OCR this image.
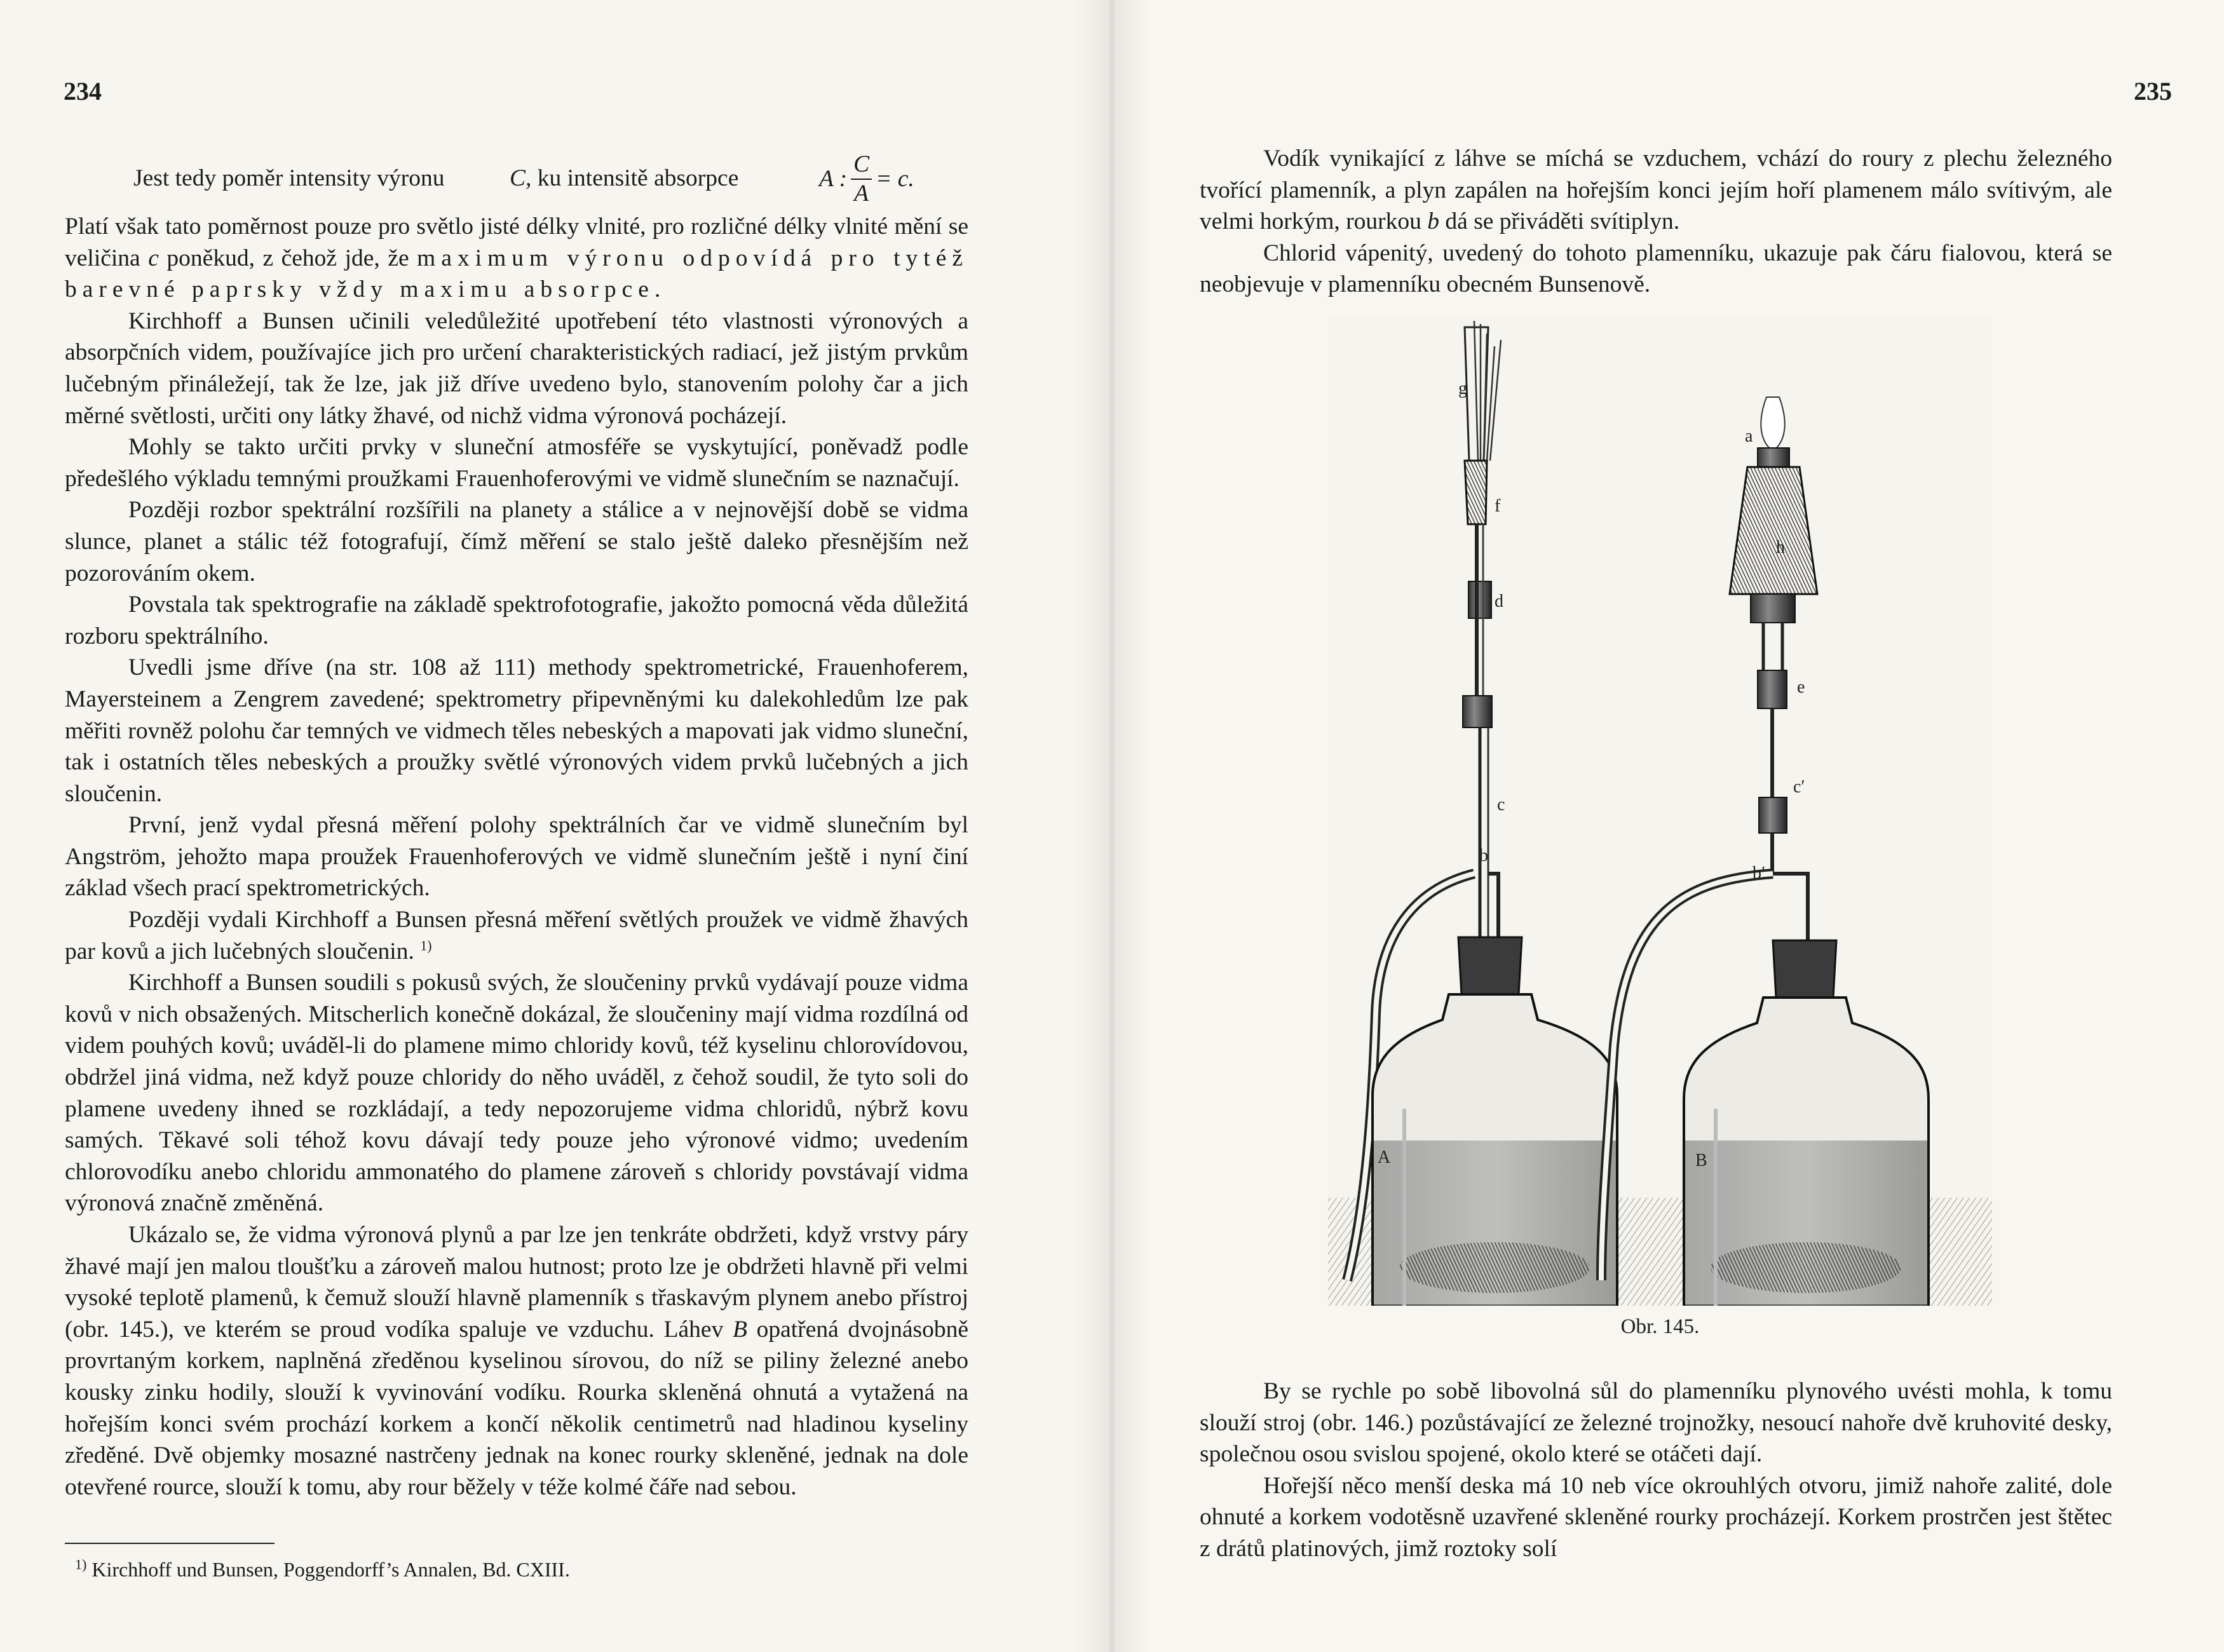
234
Jest tedy poměr intensity výronu	C, ku intensitě absorpce	A : $\frac{C}{A} = c$.

Platí však tato poměrnost pouze pro světlo jisté délky vlnité, pro rozličné délky vlnité mění se veličina c poněkud, z čehož jde, že maximum výronu odpovídá pro tytéž barevné paprsky vždy maximu absorpce.

Kirchhoff a Bunsen učinili veledůležité upotřebení této vlastnosti výronových a absorpčních videm, používajíce jich pro určení charakteristických radiací, jež jistým prvkům lučebným přináležejí, tak že lze, jak již dříve uvedeno bylo, stanovením polohy čar a jich měrné světlosti, určiti ony látky žhavé, od nichž vidma výronová pocházejí.

Mohly se takto určiti prvky v sluneční atmosféře se vyskytující, poněvadž podle předešlého výkladu temnými proužkami Frauenhoferovými ve vidmě slunečním se naznačují.

Později rozbor spektrální rozšířili na planety a stálice a v nejnovější době se vidma slunce, planet a stálic též fotografují, čímž měření se stalo ještě daleko přesnějším než pozorováním okem.

Povstala tak spektrografie na základě spektrofotografie, jakožto pomocná věda důležitá rozboru spektrálního.

Uvedli jsme dříve (na str. 108 až 111) methody spektrometrické, Frauenhoferem, Mayersteinem a Zengrem zavedené; spektrometry připevněnými ku dalekohledům lze pak měřiti rovněž polohu čar temných ve vidmech těles nebeských a mapovati jak vidmo sluneční, tak i ostatních těles nebeských a proužky světlé výronových videm prvků lučebných a jich sloučenin.

První, jenž vydal přesná měření polohy spektrálních čar ve vidmě slunečním byl Angström, jehožto mapa proužek Frauenhoferových ve vidmě slunečním ještě i nyní činí základ všech prací spektrometrických.

Později vydali Kirchhoff a Bunsen přesná měření světlých proužek ve vidmě žhavých par kovů a jich lučebných sloučenin. $^{1)}$

Kirchhoff a Bunsen soudili s pokusů svých, že sloučeniny prvků vydávají pouze vidma kovů v nich obsažených. Mitscherlich konečně dokázal, že sloučeniny mají vidma rozdílná od videm pouhých kovů; uváděl-li do plamene mimo chloridy kovů, též kyselinu chlorovídovou, obdržel jiná vidma, než když pouze chloridy do něho uváděl, z čehož soudil, že tyto soli do plamene uvedeny ihned se rozkládají, a tedy nepozorujeme vidma chloridů, nýbrž kovu samých. Těkavé soli téhož kovu dávají tedy pouze jeho výronové vidmo; uvedením chlorovodíku anebo chloridu ammonatého do plamene zároveň s chloridy povstávají vidma výronová značně změněná.

Ukázalo se, že vidma výronová plynů a par lze jen tenkráte obdržeti, když vrstvy páry žhavé mají jen malou tloušťku a zároveň malou hutnost; proto lze je obdržeti hlavně při velmi vysoké teplotě plamenů, k čemuž slouží hlavně plamenník s třaskavým plynem anebo přístroj (obr. 145.), ve kterém se proud vodíka spaluje ve vzduchu. Láhev B opatřená dvojnásobně provrtaným korkem, naplněná zředěnou kyselinou sírovou, do níž se piliny železné anebo kousky zinku hodily, slouží k vyvinování vodíku. Rourka skleněná ohnutá a vytažená na hořejším konci svém prochází korkem a končí několik centimetrů nad hladinou kyseliny zředěné. Dvě objemky mosazné nastrčeny jednak na konec rourky skleněné, jednak na dole otevřené rource, slouží k tomu, aby rour běžely v téže kolmé čáře nad sebou.

$^{1)}$ Kirchhoff und Bunsen, Poggendorff’s Annalen, Bd. CXIII.
235

Vodík vynikající z láhve se míchá se vzduchem, vchází do roury z plechu železného tvořící plamenník, a plyn zapálen na hořejším konci jejím hoří plamenem málo svítivým, ale velmi horkým, rourkou b dá se přiváděti svítiplyn.

Chlorid vápenitý, uvedený do tohoto plamenníku, ukazuje pak čáru fialovou, která se neobjevuje v plamenníku obecném Bunsenově.

g
f
d
c
b
A
a
h
e
c′
b′
B
Obr. 145.

By se rychle po sobě libovolná sůl do plamenníku plynového uvésti mohla, k tomu slouží stroj (obr. 146.) pozůstávající ze železné trojnožky, nesoucí nahoře dvě kruhovité desky, společnou osou svislou spojené, okolo které se otáčeti dají.

Hořejší něco menší deska má 10 neb více okrouhlých otvoru, jimiž nahoře zalité, dole ohnuté a korkem vodotěsně uzavřené skleněné rourky procházejí. Korkem prostrčen jest štětec z drátů platinových, jimž roztoky solí
